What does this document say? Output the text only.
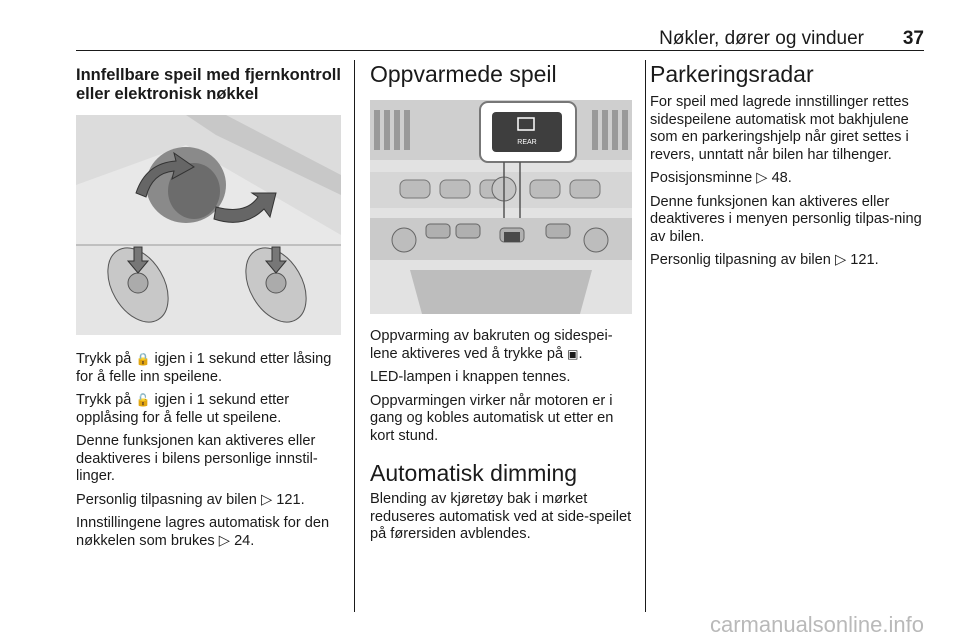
Nøkler, dører og vinduer 37
Innfellbare speil med fjernkontroll eller elektronisk nøkkel

Trykk på 🔒 igjen i 1 sekund etter låsing for å felle inn speilene.

Trykk på 🔓 igjen i 1 sekund etter opplåsing for å felle ut speilene.

Denne funksjonen kan aktiveres eller deaktiveres i bilens personlige innstil-linger.

Personlig tilpasning av bilen ▷ 121.

Innstillingene lagres automatisk for den nøkkelen som brukes ▷ 24.

Oppvarmede speil
REAR

Oppvarming av bakruten og sidespei-lene aktiveres ved å trykke på ▣.

LED-lampen i knappen tennes.

Oppvarmingen virker når motoren er i gang og kobles automatisk ut etter en kort stund.

Automatisk dimming

Blending av kjøretøy bak i mørket reduseres automatisk ved at side-speilet på førersiden avblendes.

Parkeringsradar

For speil med lagrede innstillinger rettes sidespeilene automatisk mot bakhjulene som en parkeringshjelp når giret settes i revers, unntatt når bilen har tilhenger.

Posisjonsminne ▷ 48.

Denne funksjonen kan aktiveres eller deaktiveres i menyen personlig tilpas-ning av bilen.

Personlig tilpasning av bilen ▷ 121.

carmanualsonline.info
